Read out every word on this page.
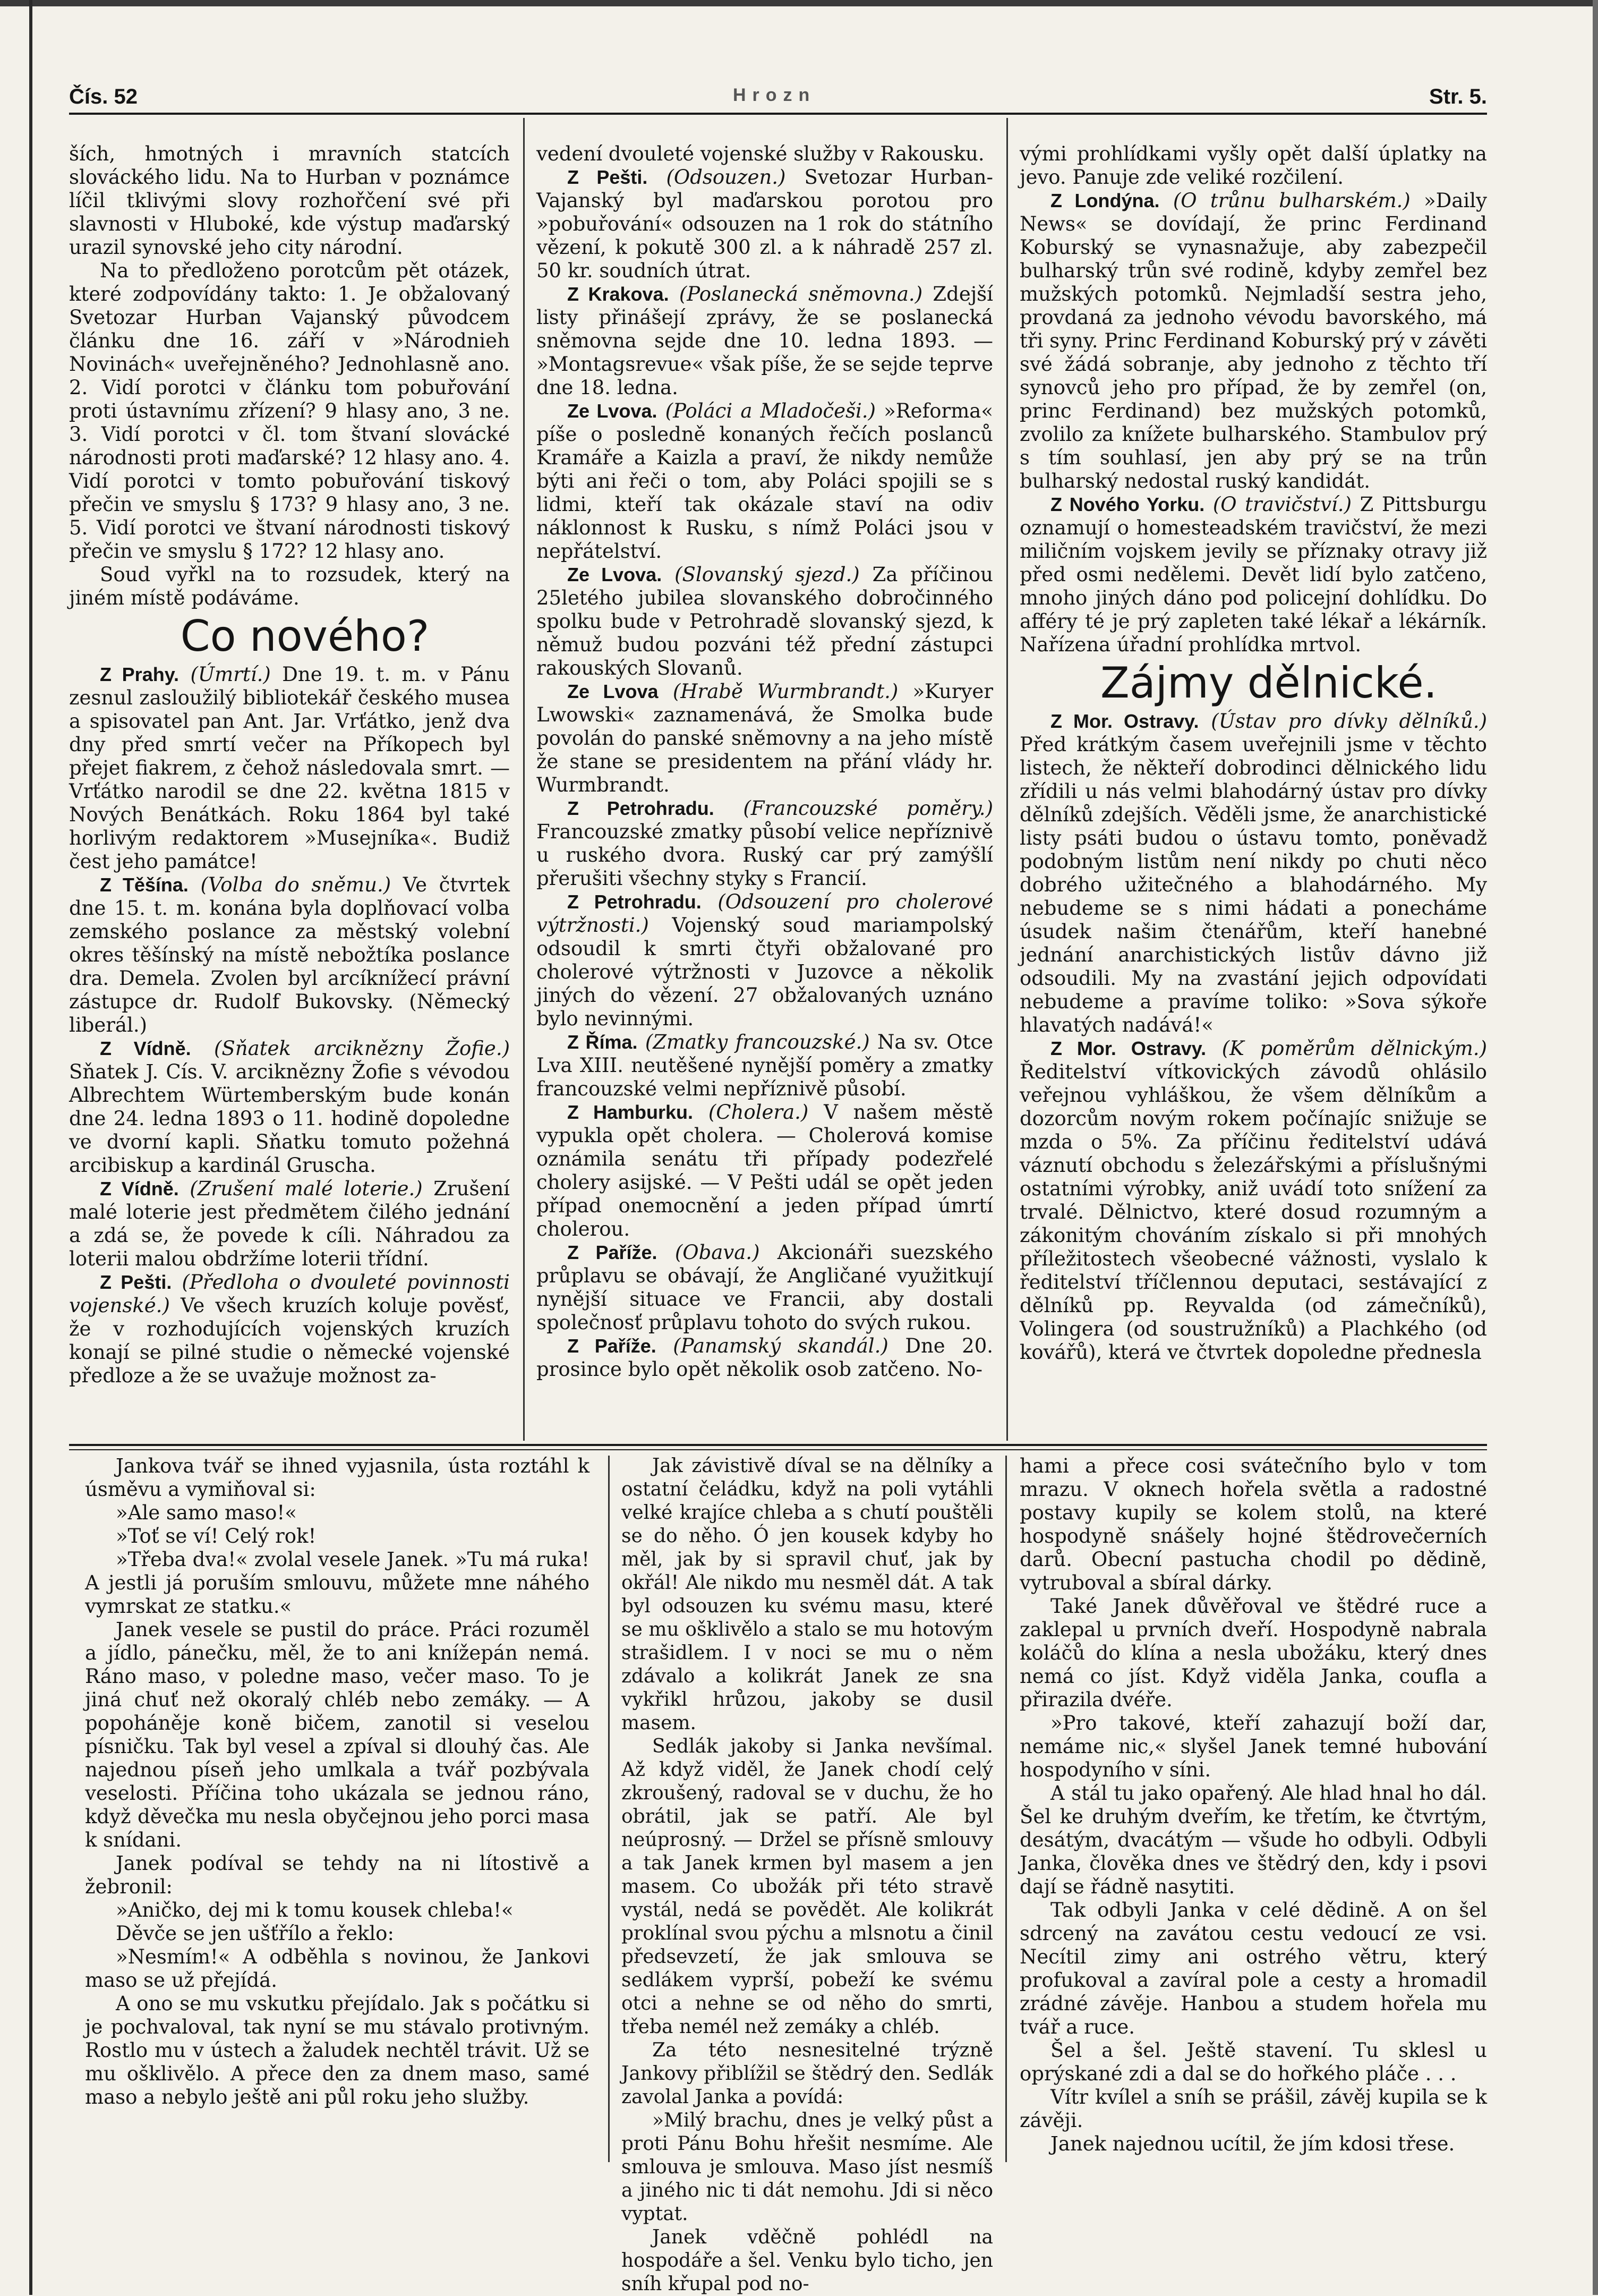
Čís. 52	Hrozn	Str. 5.

ších, hmotných i mravních statcích slováckého lidu. Na to Hurban v poznámce líčil tklivými slovy rozhořčení své při slavnosti v Hluboké, kde výstup maďarský urazil synovské jeho city národní.

Na to předloženo porotcům pět otázek, které zodpovídány takto: 1. Je obžalovaný Svetozar Hurban Vajanský původcem článku dne 16. září v »Národnieh Novinách« uveřejněného? Jednohlasně ano. 2. Vidí porotci v článku tom pobuřování proti ústavnímu zřízení? 9 hlasy ano, 3 ne. 3. Vidí porotci v čl. tom štvaní slovácké národnosti proti maďarské? 12 hlasy ano. 4. Vidí porotci v tomto pobuřování tiskový přečin ve smyslu § 173? 9 hlasy ano, 3 ne. 5. Vidí porotci ve štvaní národnosti tiskový přečin ve smyslu § 172? 12 hlasy ano.

Soud vyřkl na to rozsudek, který na jiném místě podáváme.

Co nového?

Z Prahy. (Úmrtí.) Dne 19. t. m. v Pánu zesnul zasloužilý bibliotekář českého musea a spisovatel pan Ant. Jar. Vrťátko, jenž dva dny před smrtí večer na Příkopech byl přejet fiakrem, z čehož následovala smrt. — Vrťátko narodil se dne 22. května 1815 v Nových Benátkách. Roku 1864 byl také horlivým redaktorem »Musejníka«. Budiž čest jeho památce!

Z Těšína. (Volba do sněmu.) Ve čtvrtek dne 15. t. m. konána byla doplňovací volba zemského poslance za městský volební okres těšínský na místě nebožtíka poslance dra. Demela. Zvolen byl arcíknížecí právní zástupce dr. Rudolf Bukovsky. (Německý liberál.)

Z Vídně. (Sňatek arciknězny Žofie.) Sňatek J. Cís. V. arciknězny Žofie s vévodou Albrechtem Würtemberským bude konán dne 24. ledna 1893 o 11. hodině dopoledne ve dvorní kapli. Sňatku tomuto požehná arcibiskup a kardinál Gruscha.

Z Vídně. (Zrušení malé loterie.) Zrušení malé loterie jest předmětem čilého jednání a zdá se, že povede k cíli. Náhradou za loterii malou obdržíme loterii třídní.

Z Pešti. (Předloha o dvouleté povinnosti vojenské.) Ve všech kruzích koluje pověsť, že v rozhodujících vojenských kruzích konají se pilné studie o německé vojenské předloze a že se uvažuje možnost za-

vedení dvouleté vojenské služby v Rakousku.

Z Pešti. (Odsouzen.) Svetozar Hurban-Vajanský byl maďarskou porotou pro »pobuřování« odsouzen na 1 rok do státního vězení, k pokutě 300 zl. a k náhradě 257 zl. 50 kr. soudních útrat.

Z Krakova. (Poslanecká sněmovna.) Zdejší listy přinášejí zprávy, že se poslanecká sněmovna sejde dne 10. ledna 1893. — »Montagsrevue« však píše, že se sejde teprve dne 18. ledna.

Ze Lvova. (Poláci a Mladočeši.) »Reforma« píše o posledně konaných řečích poslanců Kramáře a Kaizla a praví, že nikdy nemůže býti ani řeči o tom, aby Poláci spojili se s lidmi, kteří tak okázale staví na odiv náklonnost k Rusku, s nímž Poláci jsou v nepřátelství.

Ze Lvova. (Slovanský sjezd.) Za příčinou 25letého jubilea slovanského dobročinného spolku bude v Petrohradě slovanský sjezd, k němuž budou pozváni též přední zástupci rakouských Slovanů.

Ze Lvova (Hrabě Wurmbrandt.) »Kuryer Lwowski« zaznamenává, že Smolka bude povolán do panské sněmovny a na jeho místě že stane se presidentem na přání vlády hr. Wurmbrandt.

Z Petrohradu. (Francouzské poměry.) Francouzské zmatky působí velice nepříznivě u ruského dvora. Ruský car prý zamýšlí přerušiti všechny styky s Francií.

Z Petrohradu. (Odsouzení pro cholerové výtržnosti.) Vojenský soud mariampolský odsoudil k smrti čtyři obžalované pro cholerové výtržnosti v Juzovce a několik jiných do vězení. 27 obžalovaných uznáno bylo nevinnými.

Z Říma. (Zmatky francouzské.) Na sv. Otce Lva XIII. neutěšené nynější poměry a zmatky francouzské velmi nepříznivě působí.

Z Hamburku. (Cholera.) V našem městě vypukla opět cholera. — Cholerová komise oznámila senátu tři případy podezřelé cholery asijské. — V Pešti udál se opět jeden případ onemocnění a jeden případ úmrtí cholerou.

Z Paříže. (Obava.) Akcionáři suezského průplavu se obávají, že Angličané využitkují nynější situace ve Francii, aby dostali společnosť průplavu tohoto do svých rukou.

Z Paříže. (Panamský skandál.) Dne 20. prosince bylo opět několik osob zatčeno. No-

vými prohlídkami vyšly opět další úplatky na jevo. Panuje zde veliké rozčilení.

Z Londýna. (O trůnu bulharském.) »Daily News« se dovídají, že princ Ferdinand Koburský se vynasnažuje, aby zabezpečil bulharský trůn své rodině, kdyby zemřel bez mužských potomků. Nejmladší sestra jeho, provdaná za jednoho vévodu bavorského, má tři syny. Princ Ferdinand Koburský prý v závěti své žádá sobranje, aby jednoho z těchto tří synovců jeho pro případ, že by zemřel (on, princ Ferdinand) bez mužských potomků, zvolilo za knížete bulharského. Stambulov prý s tím souhlasí, jen aby prý se na trůn bulharský nedostal ruský kandidát.

Z Nového Yorku. (O travičství.) Z Pittsburgu oznamují o homesteadském travičství, že mezi miličním vojskem jevily se příznaky otravy již před osmi nedělemi. Devět lidí bylo zatčeno, mnoho jiných dáno pod policejní dohlídku. Do afféry té je prý zapleten také lékař a lékárník. Nařízena úřadní prohlídka mrtvol.

Zájmy dělnické.

Z Mor. Ostravy. (Ústav pro dívky dělníků.) Před krátkým časem uveřejnili jsme v těchto listech, že někteří dobrodinci dělnického lidu zřídili u nás velmi blahodárný ústav pro dívky dělníků zdejších. Věděli jsme, že anarchistické listy psáti budou o ústavu tomto, poněvadž podobným listům není nikdy po chuti něco dobrého užitečného a blahodárného. My nebudeme se s nimi hádati a ponecháme úsudek našim čtenářům, kteří hanebné jednání anarchistických listův dávno již odsoudili. My na zvastání jejich odpovídati nebudeme a pravíme toliko: »Sova sýkoře hlavatých nadává!«

Z Mor. Ostravy. (K poměrům dělnickým.) Ředitelství vítkovických závodů ohlásilo veřejnou vyhláškou, že všem dělníkům a dozorcům novým rokem počínajíc snižuje se mzda o 5%. Za příčinu ředitelství udává váznutí obchodu s železářskými a příslušnými ostatními výrobky, aniž uvádí toto snížení za trvalé. Dělnictvo, které dosud rozumným a zákonitým chováním získalo si při mnohých příležitostech všeobecné vážnosti, vyslalo k ředitelství tříčlennou deputaci, sestávající z dělníků pp. Reyvalda (od zámečníků), Volingera (od soustružníků) a Plachkého (od kovářů), která ve čtvrtek dopoledne přednesla

Jankova tvář se ihned vyjasnila, ústa roztáhl k úsměvu a vymiňoval si:

»Ale samo maso!«

»Toť se ví! Celý rok!

»Třeba dva!« zvolal vesele Janek. »Tu má ruka! A jestli já poruším smlouvu, můžete mne náhého vymrskat ze statku.«

Janek vesele se pustil do práce. Práci rozuměl a jídlo, pánečku, měl, že to ani knížepán nemá. Ráno maso, v poledne maso, večer maso. To je jiná chuť než okoralý chléb nebo zemáky. — A popoháněje koně bičem, zanotil si veselou písničku. Tak byl vesel a zpíval si dlouhý čas. Ale najednou píseň jeho umlkala a tvář pozbývala veselosti. Příčina toho ukázala se jednou ráno, když děvečka mu nesla obyčejnou jeho porci masa k snídani.

Janek podíval se tehdy na ni lítostivě a žebronil:

»Aničko, dej mi k tomu kousek chleba!«

Děvče se jen ušťřílo a řeklo:

»Nesmím!« A odběhla s novinou, že Jankovi maso se už přejídá.

A ono se mu vskutku přejídalo. Jak s počátku si je pochvaloval, tak nyní se mu stávalo protivným. Rostlo mu v ústech a žaludek nechtěl trávit. Už se mu ošklivělo. A přece den za dnem maso, samé maso a nebylo ještě ani půl roku jeho služby.

Jak závistivě díval se na dělníky a ostatní čeládku, když na poli vytáhli velké krajíce chleba a s chutí pouštěli se do něho. Ó jen kousek kdyby ho měl, jak by si spravil chuť, jak by okřál! Ale nikdo mu nesměl dát. A tak byl odsouzen ku svému masu, které se mu ošklivělo a stalo se mu hotovým strašidlem. I v noci se mu o něm zdávalo a kolikrát Janek ze sna vykřikl hrůzou, jakoby se dusil masem.

Sedlák jakoby si Janka nevšímal. Až když viděl, že Janek chodí celý zkroušený, radoval se v duchu, že ho obrátil, jak se patří. Ale byl neúprosný. — Držel se přísně smlouvy a tak Janek krmen byl masem a jen masem. Co ubožák při této stravě vystál, nedá se povědět. Ale kolikrát proklínal svou pýchu a mlsnotu a činil předsevzetí, že jak smlouva se sedlákem vyprší, pobeží ke svému otci a nehne se od něho do smrti, třeba nemél než zemáky a chléb.

Za této nesnesitelné trýzně Jankovy přiblížil se štědrý den. Sedlák zavolal Janka a povídá:

»Milý brachu, dnes je velký půst a proti Pánu Bohu hřešit nesmíme. Ale smlouva je smlouva. Maso jíst nesmíš a jiného nic ti dát nemohu. Jdi si něco vyptat.

Janek vděčně pohlédl na hospodáře a šel. Venku bylo ticho, jen sníh křupal pod no-

hami a přece cosi svátečního bylo v tom mrazu. V oknech hořela světla a radostné postavy kupily se kolem stolů, na které hospodyně snášely hojné štědrovečerních darů. Obecní pastucha chodil po dědině, vytruboval a sbíral dárky.

Také Janek důvěřoval ve štědré ruce a zaklepal u prvních dveří. Hospodyně nabrala koláčů do klína a nesla ubožáku, který dnes nemá co jíst. Když viděla Janka, coufla a přirazila dvéře.

»Pro takové, kteří zahazují boží dar, nemáme nic,« slyšel Janek temné hubování hospodyního v síni.

A stál tu jako opařený. Ale hlad hnal ho dál. Šel ke druhým dveřím, ke třetím, ke čtvrtým, desátým, dvacátým — všude ho odbyli. Odbyli Janka, člověka dnes ve štědrý den, kdy i psovi dají se řádně nasytiti.

Tak odbyli Janka v celé dědině. A on šel sdrcený na zavátou cestu vedoucí ze vsi. Necítil zimy ani ostrého větru, který profukoval a zavíral pole a cesty a hromadil zrádné závěje. Hanbou a studem hořela mu tvář a ruce.

Šel a šel. Ještě stavení. Tu sklesl u oprýskané zdi a dal se do hořkého pláče . . .

Vítr kvílel a sníh se prášil, závěj kupila se k závěji.

Janek najednou ucítil, že jím kdosi třese.
